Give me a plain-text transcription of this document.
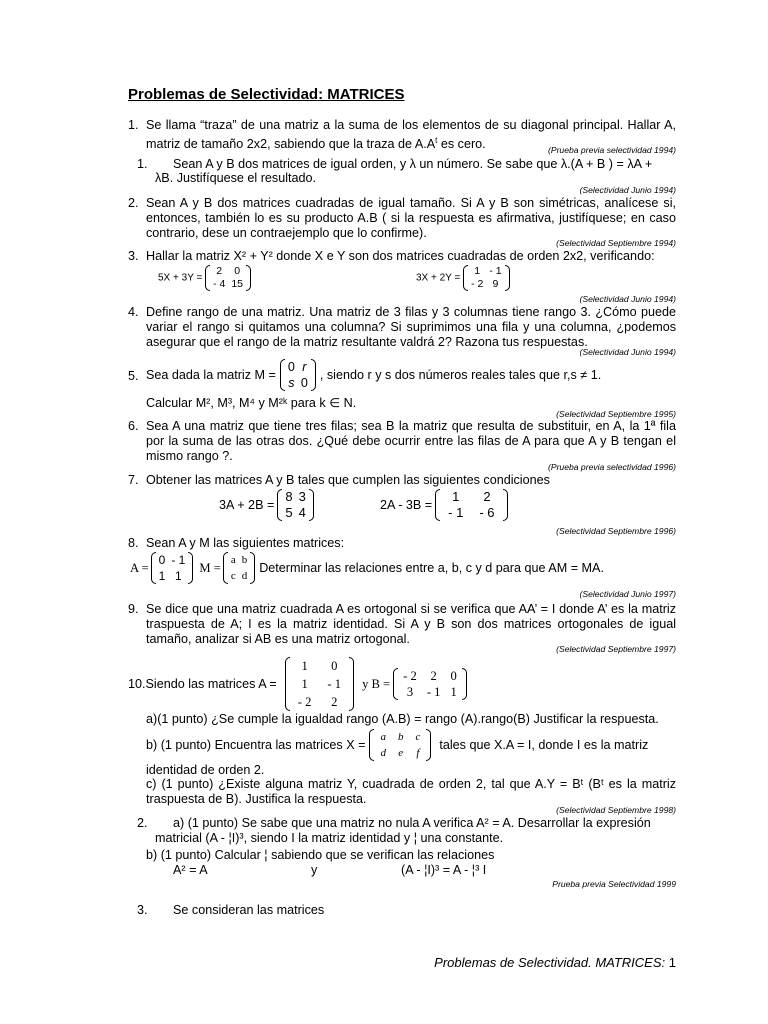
Problemas de Selectividad: MATRICES
1. Se llama “traza” de una matriz a la suma de los elementos de su diagonal principal. Hallar A, matriz de tamaño 2x2, sabiendo que la traza de $A.A^t$ es cero.	(Prueba previa selectividad 1994)
1. Sean A y B dos matrices de igual orden, y λ un número. Se sabe que λ.(A + B ) = λA +
λB. Justifíquese el resultado.
(Selectividad Junio 1994)
2. Sean A y B dos matrices cuadradas de igual tamaño. Si A y B son simétricas, analícese si, entonces, también lo es su producto A.B ( si la respuesta es afirmativa, justifíquese; en caso contrario, dese un contraejemplo que lo confirme).
(Selectividad Septiembre 1994)
3. Hallar la matriz X² + Y² donde X e Y son dos matrices cuadradas de orden 2x2, verificando:
5X + 3Y =
2	0
- 4	15	3X + 2Y =
1	- 1
- 2	9
(Selectividad Junio 1994)
4. Define rango de una matriz. Una matriz de 3 filas y 3 columnas tiene rango 3. ¿Cómo puede variar el rango si quitamos una columna? Si suprimimos una fila y una columna, ¿podemos asegurar que el rango de la matriz resultante valdrá 2? Razona tus respuestas.
(Selectividad Junio 1994)
5. Sea dada la matriz M =
0	r
s	0
, siendo r y s dos números reales tales que r,s ≠ 1.
Calcular M², M³, M⁴ y M²ᵏ para k ∈ N.
(Selectividad Septiembre 1995)
6. Sea A una matriz que tiene tres filas; sea B la matriz que resulta de substituir, en A, la 1ª fila por la suma de las otras dos. ¿Qué debe ocurrir entre las filas de A para que A y B tengan el mismo rango ?.
(Prueba previa selectividad 1996)
7. Obtener las matrices A y B tales que cumplen las siguientes condiciones
3A + 2B =
8	3
5	4
2A - 3B =
1	2
- 1	- 6
(Selectividad Septiembre 1996)
8. Sean A y M las siguientes matrices:
A =
0	- 1
1	1
M =
a	b
c	d
Determinar las relaciones entre a, b, c y d para que AM = MA.
(Selectividad Junio 1997)
9. Se dice que una matriz cuadrada A es ortogonal si se verifica que AA’ = I donde A’ es la matriz traspuesta de A; I es la matriz identidad. Si A y B son dos matrices ortogonales de igual tamaño, analizar si AB es una matriz ortogonal.
(Selectividad Septiembre 1997)
10. Siendo las matrices A =
1	0
1	- 1
- 2	2
y B =
- 2	2	0
3	- 1	1
a)(1 punto) ¿Se cumple la igualdad rango (A.B) = rango (A).rango(B) Justificar la respuesta.
b) (1 punto) Encuentra las matrices X =
a	b	c
d	e	f
tales que X.A = I, donde I es la matriz
identidad de orden 2.
c) (1 punto) ¿Existe alguna matriz Y, cuadrada de orden 2, tal que A.Y = Bᵗ (Bᵗ es la matriz traspuesta de B). Justifica la respuesta.
(Selectividad Septiembre 1998)
2. a) (1 punto) Se sabe que una matriz no nula A verifica A² = A. Desarrollar la expresión
matricial (A - ¦I)³, siendo I la matriz identidad y ¦ una constante.
b) (1 punto) Calcular ¦ sabiendo que se verifican las relaciones
A² = A	y	(A - ¦I)³ = A - ¦³ I
Prueba previa Selectividad 1999
3. Se consideran las matrices
Problemas de Selectividad. MATRICES: 1
